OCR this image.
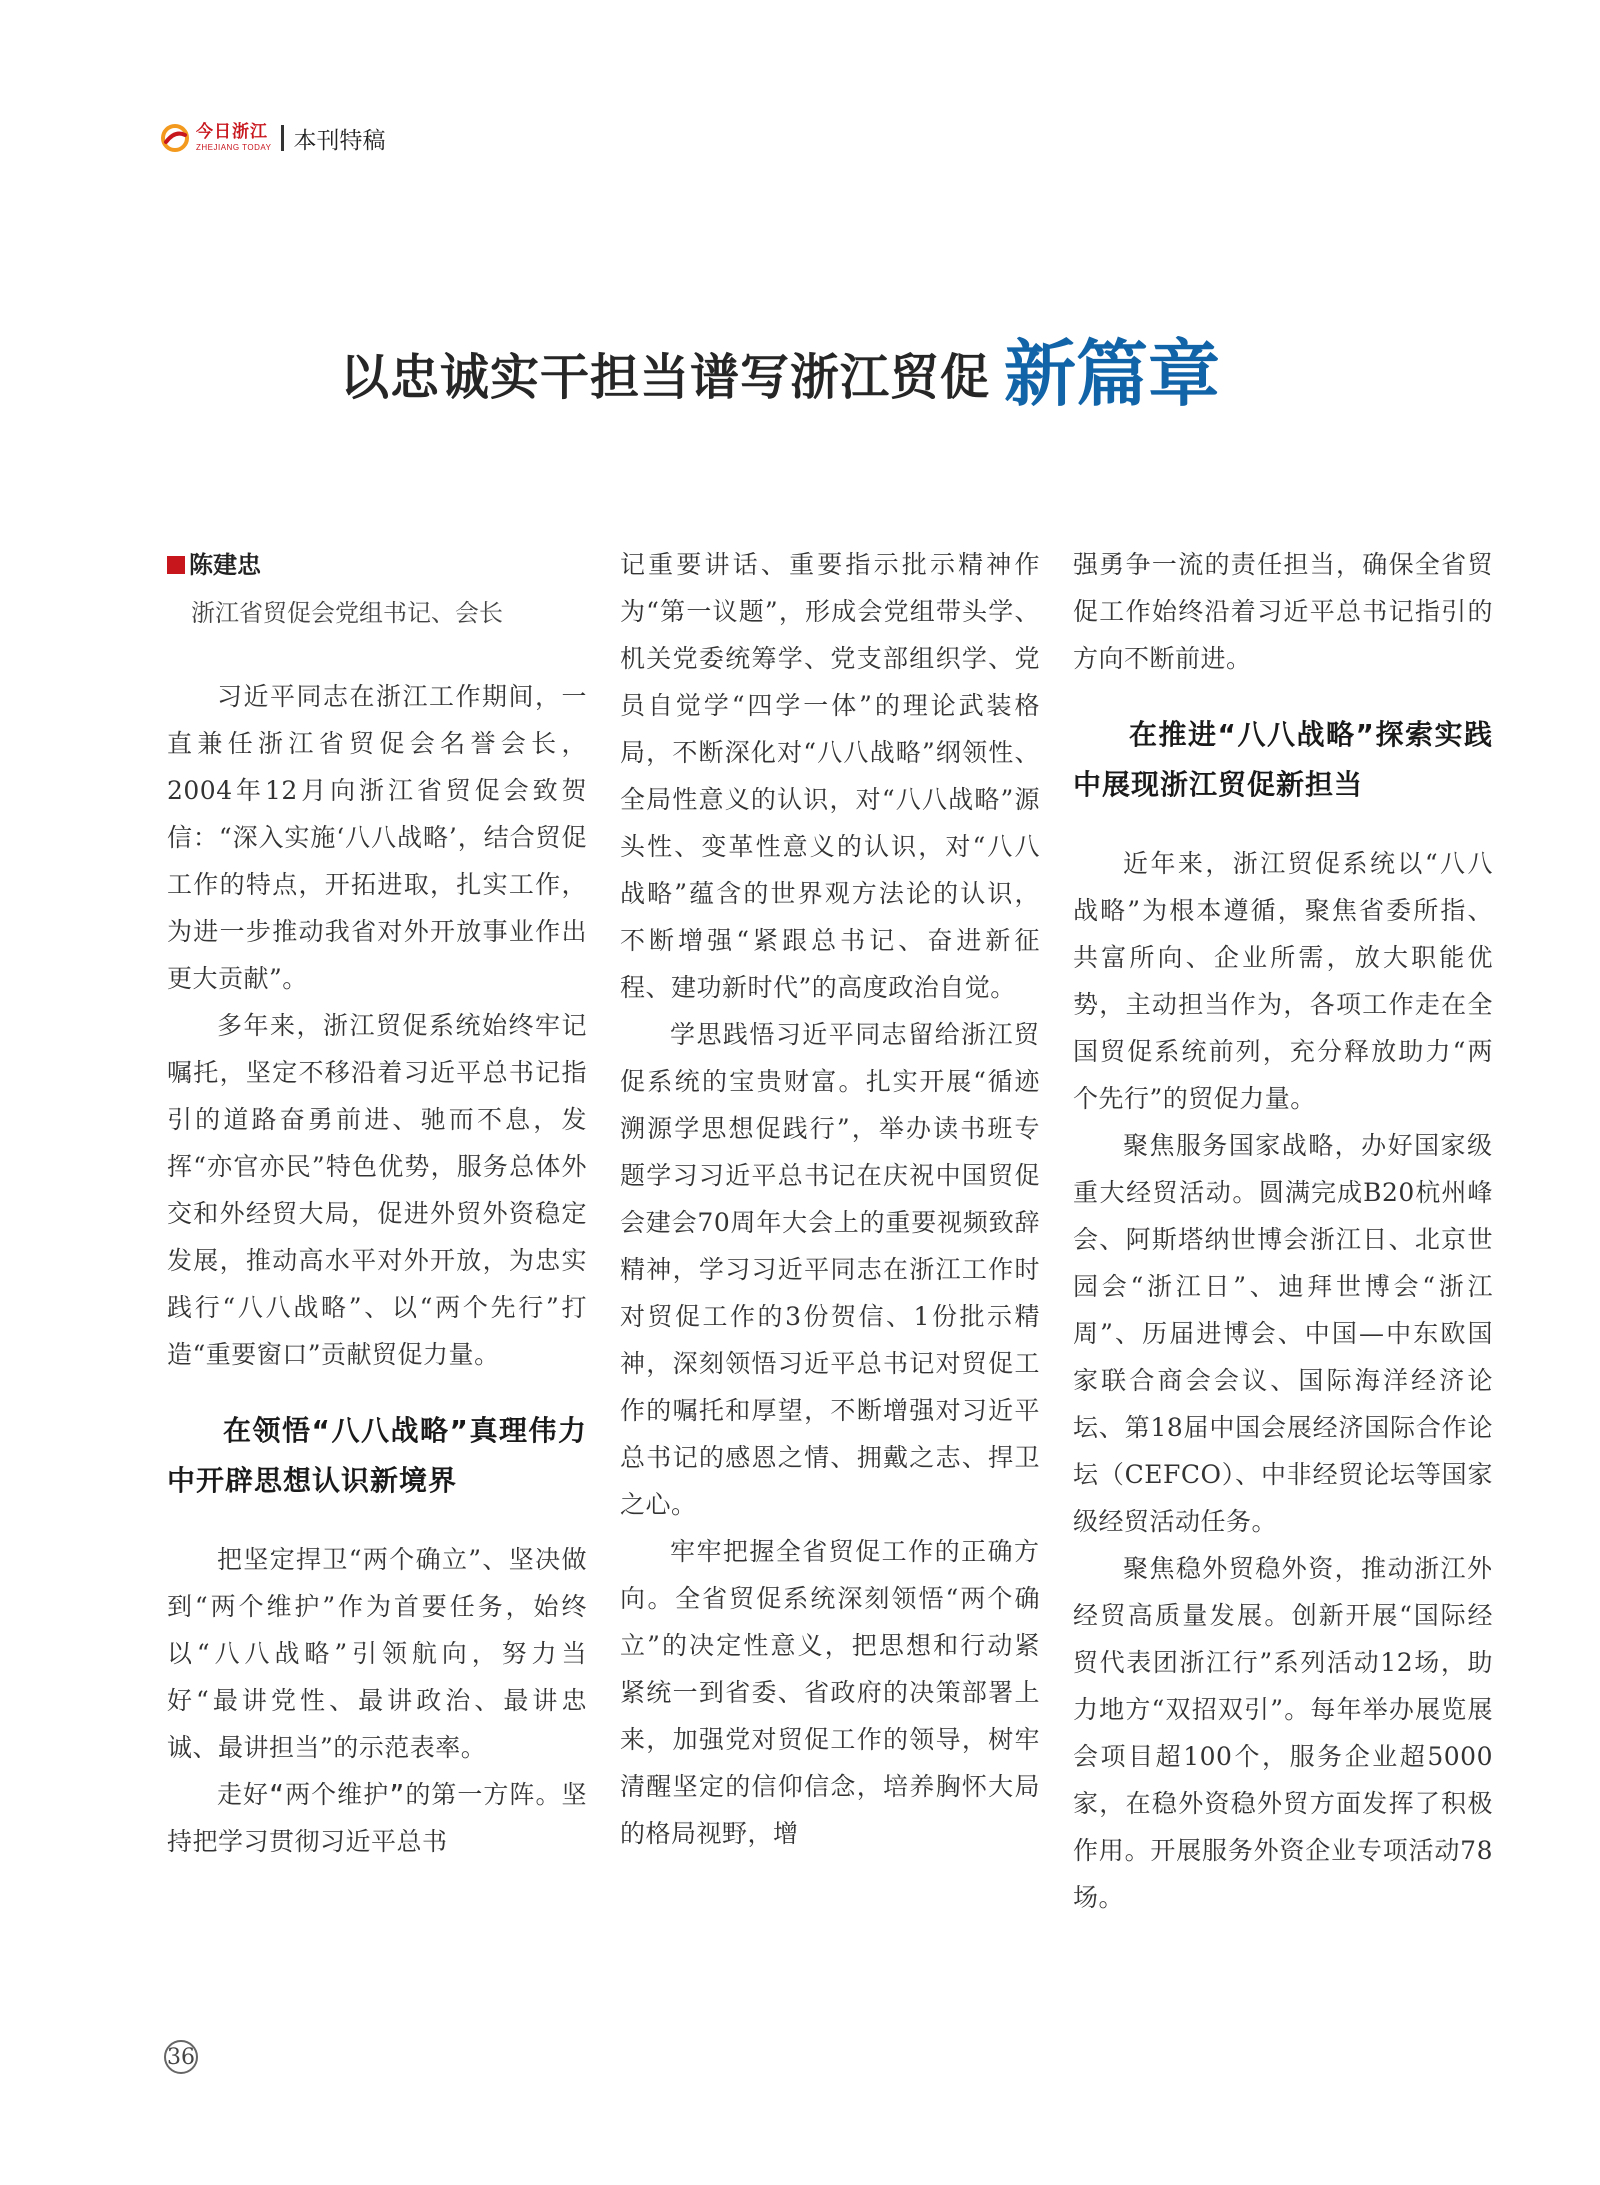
今日浙江
ZHEJIANG TODAY 本刊特稿
以忠诚实干担当谱写浙江贸促 新篇章
陈建忠
浙江省贸促会党组书记、会长

习近平同志在浙江工作期间，一直兼任浙江省贸促会名誉会长，2004年12月向浙江省贸促会致贺信：“深入实施‘八八战略’，结合贸促工作的特点，开拓进取，扎实工作，为进一步推动我省对外开放事业作出更大贡献”。

多年来，浙江贸促系统始终牢记嘱托，坚定不移沿着习近平总书记指引的道路奋勇前进、驰而不息，发挥“亦官亦民”特色优势，服务总体外交和外经贸大局，促进外贸外资稳定发展，推动高水平对外开放，为忠实践行“八八战略”、以“两个先行”打造“重要窗口”贡献贸促力量。

在领悟“八八战略”真理伟力中开辟思想认识新境界

把坚定捍卫“两个确立”、坚决做到“两个维护”作为首要任务，始终以“八八战略”引领航向，努力当好“最讲党性、最讲政治、最讲忠诚、最讲担当”的示范表率。

走好“两个维护”的第一方阵。坚持把学习贯彻习近平总书

记重要讲话、重要指示批示精神作为“第一议题”，形成会党组带头学、机关党委统筹学、党支部组织学、党员自觉学“四学一体”的理论武装格局，不断深化对“八八战略”纲领性、全局性意义的认识，对“八八战略”源头性、变革性意义的认识，对“八八战略”蕴含的世界观方法论的认识，不断增强“紧跟总书记、奋进新征程、建功新时代”的高度政治自觉。

学思践悟习近平同志留给浙江贸促系统的宝贵财富。扎实开展“循迹溯源学思想促践行”，举办读书班专题学习习近平总书记在庆祝中国贸促会建会70周年大会上的重要视频致辞精神，学习习近平同志在浙江工作时对贸促工作的3份贺信、1份批示精神，深刻领悟习近平总书记对贸促工作的嘱托和厚望，不断增强对习近平总书记的感恩之情、拥戴之志、捍卫之心。

牢牢把握全省贸促工作的正确方向。全省贸促系统深刻领悟“两个确立”的决定性意义，把思想和行动紧紧统一到省委、省政府的决策部署上来，加强党对贸促工作的领导，树牢清醒坚定的信仰信念，培养胸怀大局的格局视野，增

强勇争一流的责任担当，确保全省贸促工作始终沿着习近平总书记指引的方向不断前进。

在推进“八八战略”探索实践中展现浙江贸促新担当

近年来，浙江贸促系统以“八八战略”为根本遵循，聚焦省委所指、共富所向、企业所需，放大职能优势，主动担当作为，各项工作走在全国贸促系统前列，充分释放助力“两个先行”的贸促力量。

聚焦服务国家战略，办好国家级重大经贸活动。圆满完成B20杭州峰会、阿斯塔纳世博会浙江日、北京世园会“浙江日”、迪拜世博会“浙江周”、历届进博会、中国—中东欧国家联合商会会议、国际海洋经济论坛、第18届中国会展经济国际合作论坛（CEFCO）、中非经贸论坛等国家级经贸活动任务。

聚焦稳外贸稳外资，推动浙江外经贸高质量发展。创新开展“国际经贸代表团浙江行”系列活动12场，助力地方“双招双引”。每年举办展览展会项目超100个，服务企业超5000家，在稳外资稳外贸方面发挥了积极作用。开展服务外资企业专项活动78场。

36
